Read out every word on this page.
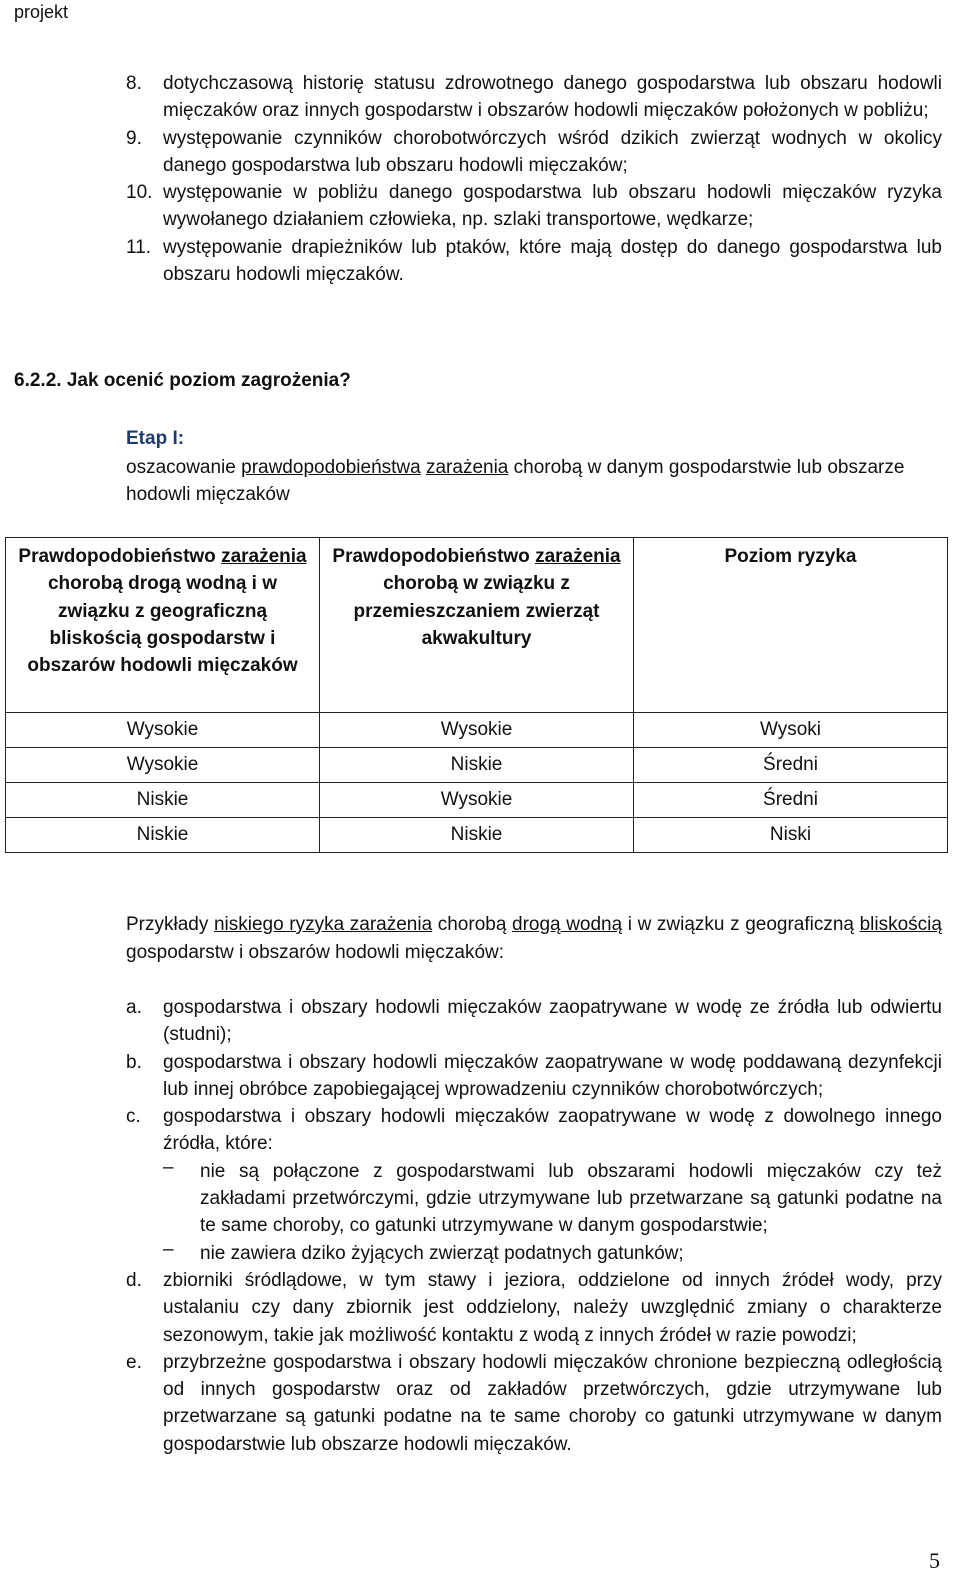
projekt
8. dotychczasową historię statusu zdrowotnego danego gospodarstwa lub obszaru hodowli mięczaków oraz innych gospodarstw i obszarów hodowli mięczaków położonych w pobliżu;
9. występowanie czynników chorobotwórczych wśród dzikich zwierząt wodnych w okolicy danego gospodarstwa lub obszaru hodowli mięczaków;
10. występowanie w pobliżu danego gospodarstwa lub obszaru hodowli mięczaków ryzyka wywołanego działaniem człowieka, np. szlaki transportowe, wędkarze;
11. występowanie drapieżników lub ptaków, które mają dostęp do danego gospodarstwa lub obszaru hodowli mięczaków.
6.2.2. Jak ocenić poziom zagrożenia?
Etap I:
oszacowanie prawdopodobieństwa zarażenia chorobą w danym gospodarstwie lub obszarze hodowli mięczaków
Prawdopodobieństwo zarażenia chorobą drogą wodną i w związku z geograficzną bliskością gospodarstw i obszarów hodowli mięczaków	Prawdopodobieństwo zarażenia chorobą w związku z przemieszczaniem zwierząt akwakultury	Poziom ryzyka
Wysokie	Wysokie	Wysoki
Wysokie	Niskie	Średni
Niskie	Wysokie	Średni
Niskie	Niskie	Niski
Przykłady niskiego ryzyka zarażenia chorobą drogą wodną i w związku z geograficzną bliskością gospodarstw i obszarów hodowli mięczaków:
a. gospodarstwa i obszary hodowli mięczaków zaopatrywane w wodę ze źródła lub odwiertu (studni);
b. gospodarstwa i obszary hodowli mięczaków zaopatrywane w wodę poddawaną dezynfekcji lub innej obróbce zapobiegającej wprowadzeniu czynników chorobotwórczych;
c. gospodarstwa i obszary hodowli mięczaków zaopatrywane w wodę z dowolnego innego źródła, które:
– nie są połączone z gospodarstwami lub obszarami hodowli mięczaków czy też zakładami przetwórczymi, gdzie utrzymywane lub przetwarzane są gatunki podatne na te same choroby, co gatunki utrzymywane w danym gospodarstwie;
– nie zawiera dziko żyjących zwierząt podatnych gatunków;
d. zbiorniki śródlądowe, w tym stawy i jeziora, oddzielone od innych źródeł wody, przy ustalaniu czy dany zbiornik jest oddzielony, należy uwzględnić zmiany o charakterze sezonowym, takie jak możliwość kontaktu z wodą z innych źródeł w razie powodzi;
e. przybrzeżne gospodarstwa i obszary hodowli mięczaków chronione bezpieczną odległością od innych gospodarstw oraz od zakładów przetwórczych, gdzie utrzymywane lub przetwarzane są gatunki podatne na te same choroby co gatunki utrzymywane w danym gospodarstwie lub obszarze hodowli mięczaków.
5
